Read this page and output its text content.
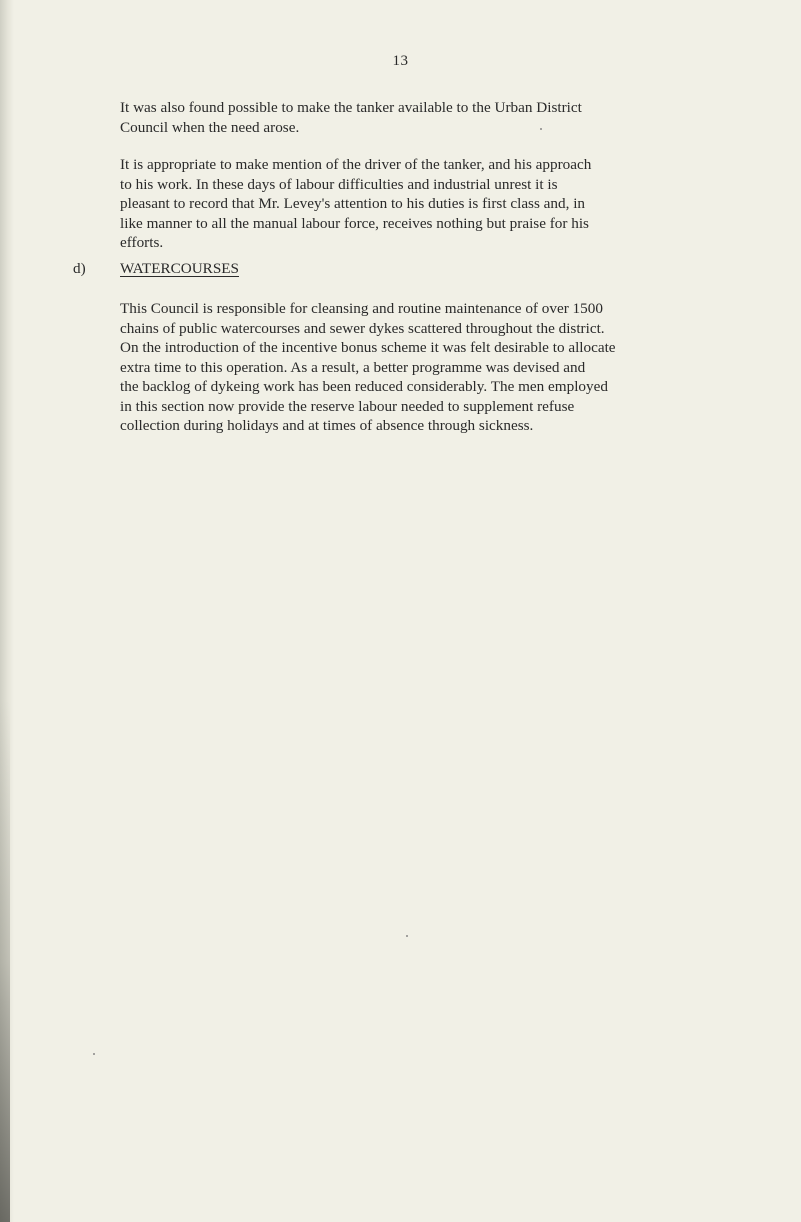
13
It was also found possible to make the tanker available to the Urban District
Council when the need arose.
It is appropriate to make mention of the driver of the tanker, and his approach
to his work. In these days of labour difficulties and industrial unrest it is
pleasant to record that Mr. Levey's attention to his duties is first class and, in
like manner to all the manual labour force, receives nothing but praise for his
efforts.
d) WATERCOURSES
This Council is responsible for cleansing and routine maintenance of over 1500
chains of public watercourses and sewer dykes scattered throughout the district.
On the introduction of the incentive bonus scheme it was felt desirable to allocate
extra time to this operation. As a result, a better programme was devised and
the backlog of dykeing work has been reduced considerably. The men employed
in this section now provide the reserve labour needed to supplement refuse
collection during holidays and at times of absence through sickness.
